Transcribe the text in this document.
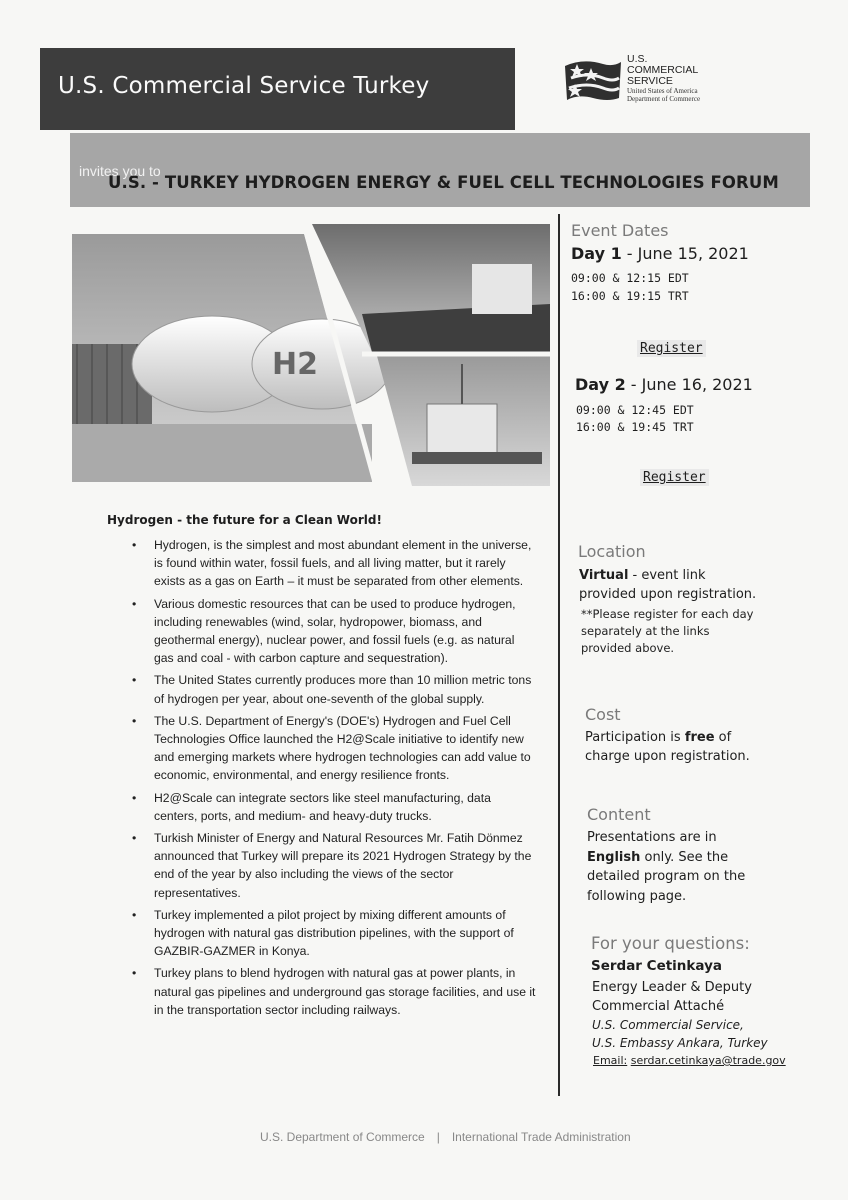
U.S. Commercial Service Turkey
U.S.
COMMERCIAL
SERVICE
United States of America
Department of Commerce
invites you to
U.S. - TURKEY HYDROGEN ENERGY & FUEL CELL TECHNOLOGIES FORUM
H2
Event Dates
Day 1 - June 15, 2021
09:00 & 12:15 EDT
16:00 & 19:15 TRT
Register
Day 2 - June 16, 2021
09:00 & 12:45 EDT
16:00 & 19:45 TRT
Register
Location
Virtual - event link
provided upon registration.
**Please register for each day
separately at the links
provided above.
Cost
Participation is free of
charge upon registration.
Content
Presentations are in
English only. See the
detailed program on the
following page.
For your questions:
Serdar Cetinkaya
Energy Leader & Deputy
Commercial Attaché
U.S. Commercial Service,
U.S. Embassy Ankara, Turkey
Email: serdar.cetinkaya@trade.gov
Hydrogen - the future for a Clean World!
• Hydrogen, is the simplest and most abundant element in the universe, is found within water, fossil fuels, and all living matter, but it rarely exists as a gas on Earth – it must be separated from other elements.
• Various domestic resources that can be used to produce hydrogen, including renewables (wind, solar, hydropower, biomass, and geothermal energy), nuclear power, and fossil fuels (e.g. as natural gas and coal - with carbon capture and sequestration).
• The United States currently produces more than 10 million metric tons of hydrogen per year, about one-seventh of the global supply.
• The U.S. Department of Energy's (DOE's) Hydrogen and Fuel Cell Technologies Office launched the H2@Scale initiative to identify new and emerging markets where hydrogen technologies can add value to economic, environmental, and energy resilience fronts.
• H2@Scale can integrate sectors like steel manufacturing, data centers, ports, and medium- and heavy-duty trucks.
• Turkish Minister of Energy and Natural Resources Mr. Fatih Dönmez announced that Turkey will prepare its 2021 Hydrogen Strategy by the end of the year by also including the views of the sector representatives.
• Turkey implemented a pilot project by mixing different amounts of hydrogen with natural gas distribution pipelines, with the support of GAZBIR-GAZMER in Konya.
• Turkey plans to blend hydrogen with natural gas at power plants, in natural gas pipelines and underground gas storage facilities, and use it in the transportation sector including railways.
U.S. Department of Commerce | International Trade Administration
